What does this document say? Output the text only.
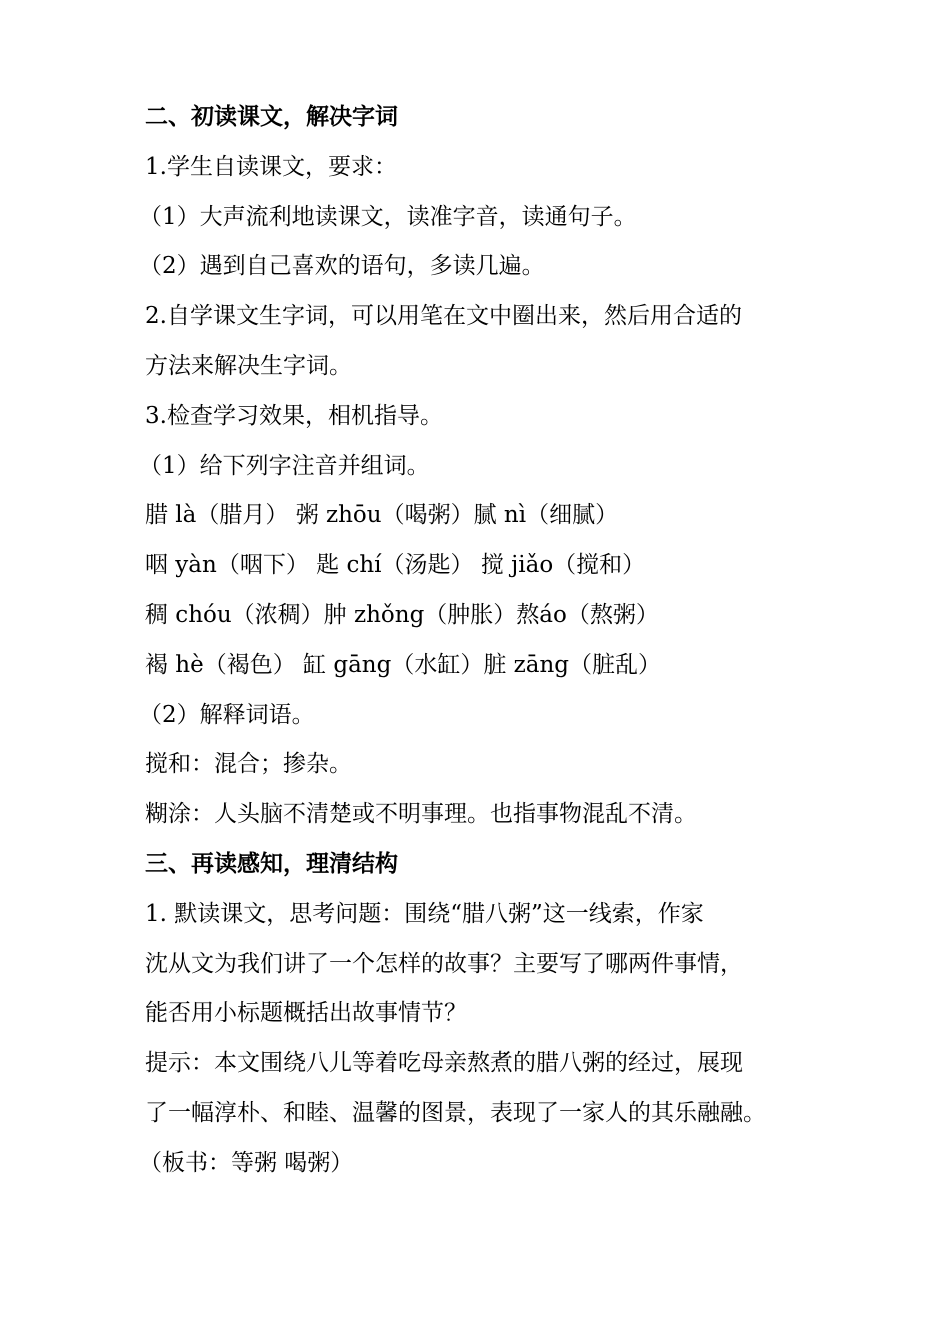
二、初读课文，解决字词
1.学生自读课文，要求：
（1）大声流利地读课文，读准字音，读通句子。
（2）遇到自己喜欢的语句，多读几遍。
2.自学课文生字词，可以用笔在文中圈出来，然后用合适的
方法来解决生字词。
3.检查学习效果，相机指导。
（1）给下列字注音并组词。
腊 là（腊月） 粥 zhōu（喝粥）腻 nì（细腻）
咽 yàn（咽下） 匙 chí（汤匙） 搅 jiǎo（搅和）
稠 chóu（浓稠）肿 zhǒng（肿胀）熬áo（熬粥）
褐 hè（褐色） 缸 gāng（水缸）脏 zāng（脏乱）
（2）解释词语。
搅和：混合；掺杂。
糊涂：人头脑不清楚或不明事理。也指事物混乱不清。
三、再读感知，理清结构
1. 默读课文，思考问题：围绕“腊八粥”这一线索，作家
沈从文为我们讲了一个怎样的故事？主要写了哪两件事情，
能否用小标题概括出故事情节？
提示：本文围绕八儿等着吃母亲熬煮的腊八粥的经过，展现
了一幅淳朴、和睦、温馨的图景，表现了一家人的其乐融融。
（板书：等粥 喝粥）
